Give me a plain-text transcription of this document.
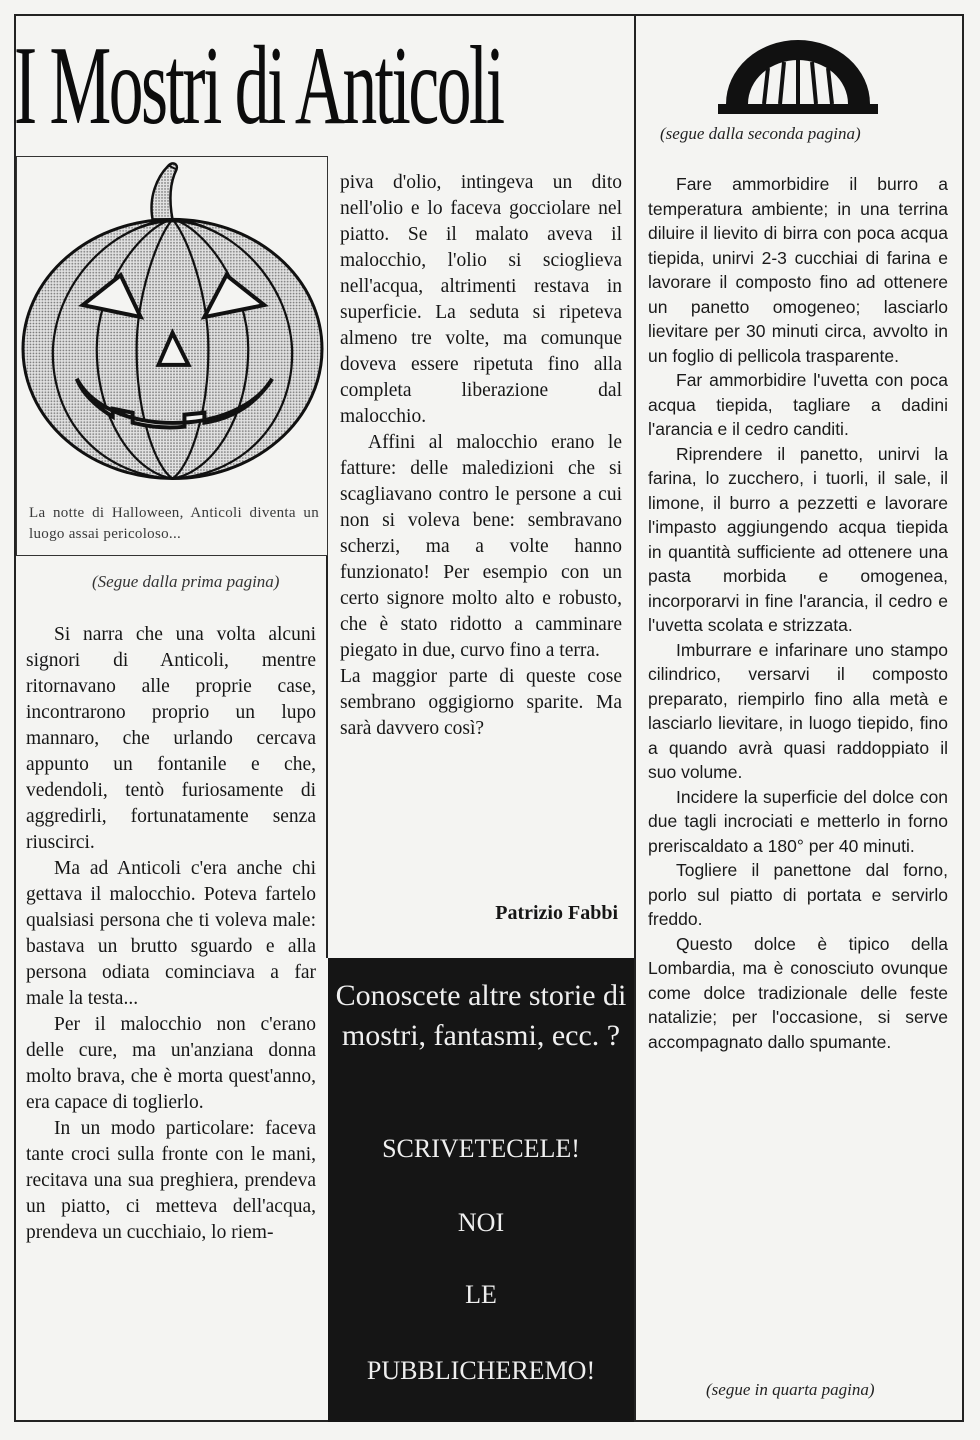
I Mostri di Anticoli
La notte di Halloween, Anticoli diventa un luogo assai pericoloso...
(Segue dalla prima pagina)

Si narra che una volta alcuni signori di Anticoli, mentre ritornavano alle proprie case, incontrarono proprio un lupo mannaro, che urlando cercava appunto un fontanile e che, vedendoli, tentò furiosamente di aggredirli, fortunatamente senza riuscirci.

Ma ad Anticoli c'era anche chi gettava il malocchio. Poteva fartelo qualsiasi persona che ti voleva male: bastava un brutto sguardo e alla persona odiata cominciava a far male la testa...

Per il malocchio non c'erano delle cure, ma un'anziana donna molto brava, che è morta quest'anno, era capace di toglierlo.

In un modo particolare: faceva tante croci sulla fronte con le mani, recitava una sua preghiera, prendeva un piatto, ci metteva dell'acqua, prendeva un cucchiaio, lo riem-

piva d'olio, intingeva un dito nell'olio e lo faceva gocciolare nel piatto. Se il malato aveva il malocchio, l'olio si scioglieva nell'acqua, altrimenti restava in superficie. La seduta si ripeteva almeno tre volte, ma comunque doveva essere ripetuta fino alla completa liberazione dal malocchio.

Affini al malocchio erano le fatture: delle maledizioni che si scagliavano contro le persone a cui non si voleva bene: sembravano scherzi, ma a volte hanno funzionato! Per esempio con un certo signore molto alto e robusto, che è stato ridotto a camminare piegato in due, curvo fino a terra.

La maggior parte di queste cose sembrano oggigiorno sparite. Ma sarà davvero così?

Patrizio Fabbi
Conoscete altre storie di mostri, fantasmi, ecc. ?
SCRIVETECELE!
NOI
LE
PUBBLICHEREMO!
(segue dalla seconda pagina)

Fare ammorbidire il burro a temperatura ambiente; in una terrina diluire il lievito di birra con poca acqua tiepida, unirvi 2-3 cucchiai di farina e lavorare il composto fino ad ottenere un panetto omogeneo; lasciarlo lievitare per 30 minuti circa, avvolto in un foglio di pellicola trasparente.

Far ammorbidire l'uvetta con poca acqua tiepida, tagliare a dadini l'arancia e il cedro canditi.

Riprendere il panetto, unirvi la farina, lo zucchero, i tuorli, il sale, il limone, il burro a pezzetti e lavorare l'impasto aggiungendo acqua tiepida in quantità sufficiente ad ottenere una pasta morbida e omogenea, incorporarvi in fine l'arancia, il cedro e l'uvetta scolata e strizzata.

Imburrare e infarinare uno stampo cilindrico, versarvi il composto preparato, riempirlo fino alla metà e lasciarlo lievitare, in luogo tiepido, fino a quando avrà quasi raddoppiato il suo volume.

Incidere la superficie del dolce con due tagli incrociati e metterlo in forno preriscaldato a 180° per 40 minuti.

Togliere il panettone dal forno, porlo sul piatto di portata e servirlo freddo.

Questo dolce è tipico della Lombardia, ma è conosciuto ovunque come dolce tradizionale delle feste natalizie; per l'occasione, si serve accompagnato dallo spumante.

(segue in quarta pagina)
